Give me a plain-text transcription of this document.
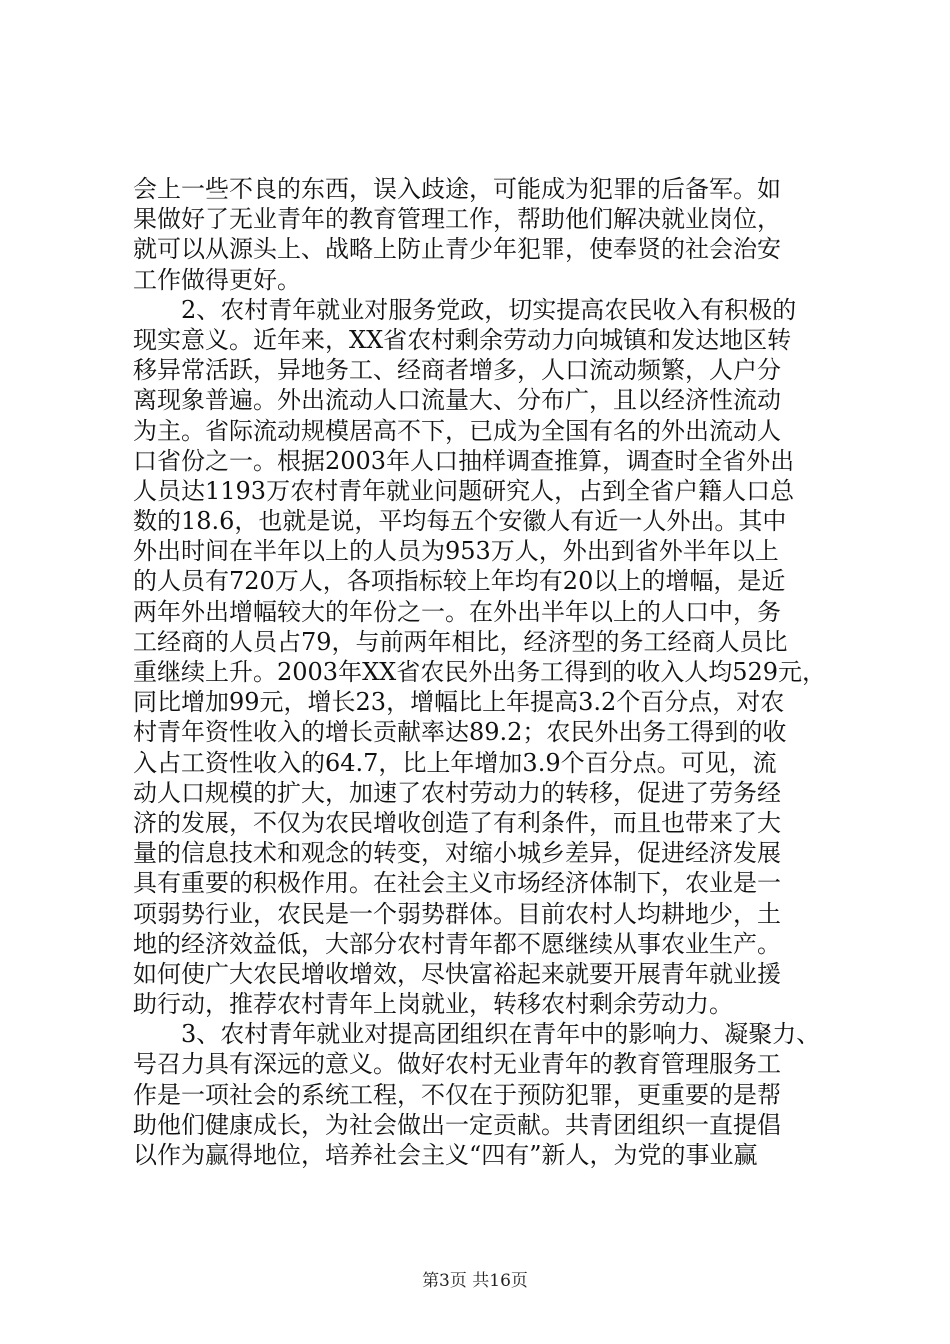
会上一些不良的东西，误入歧途，可能成为犯罪的后备军。如
果做好了无业青年的教育管理工作，帮助他们解决就业岗位，
就可以从源头上、战略上防止青少年犯罪，使奉贤的社会治安
工作做得更好。
　　2、农村青年就业对服务党政，切实提高农民收入有积极的
现实意义。近年来，XX省农村剩余劳动力向城镇和发达地区转
移异常活跃，异地务工、经商者增多，人口流动频繁，人户分
离现象普遍。外出流动人口流量大、分布广，且以经济性流动
为主。省际流动规模居高不下，已成为全国有名的外出流动人
口省份之一。根据2003年人口抽样调查推算，调查时全省外出
人员达1193万农村青年就业问题研究人，占到全省户籍人口总
数的18.6，也就是说，平均每五个安徽人有近一人外出。其中
外出时间在半年以上的人员为953万人，外出到省外半年以上
的人员有720万人，各项指标较上年均有20以上的增幅，是近
两年外出增幅较大的年份之一。在外出半年以上的人口中，务
工经商的人员占79，与前两年相比，经济型的务工经商人员比
重继续上升。2003年XX省农民外出务工得到的收入人均529元，
同比增加99元，增长23，增幅比上年提高3.2个百分点，对农
村青年资性收入的增长贡献率达89.2；农民外出务工得到的收
入占工资性收入的64.7，比上年增加3.9个百分点。可见，流
动人口规模的扩大，加速了农村劳动力的转移，促进了劳务经
济的发展，不仅为农民增收创造了有利条件，而且也带来了大
量的信息技术和观念的转变，对缩小城乡差异，促进经济发展
具有重要的积极作用。在社会主义市场经济体制下，农业是一
项弱势行业，农民是一个弱势群体。目前农村人均耕地少，土
地的经济效益低，大部分农村青年都不愿继续从事农业生产。
如何使广大农民增收增效，尽快富裕起来就要开展青年就业援
助行动，推荐农村青年上岗就业，转移农村剩余劳动力。
　　3、农村青年就业对提高团组织在青年中的影响力、凝聚力、
号召力具有深远的意义。做好农村无业青年的教育管理服务工
作是一项社会的系统工程，不仅在于预防犯罪，更重要的是帮
助他们健康成长，为社会做出一定贡献。共青团组织一直提倡
以作为赢得地位，培养社会主义“四有”新人，为党的事业赢
第3页 共16页
